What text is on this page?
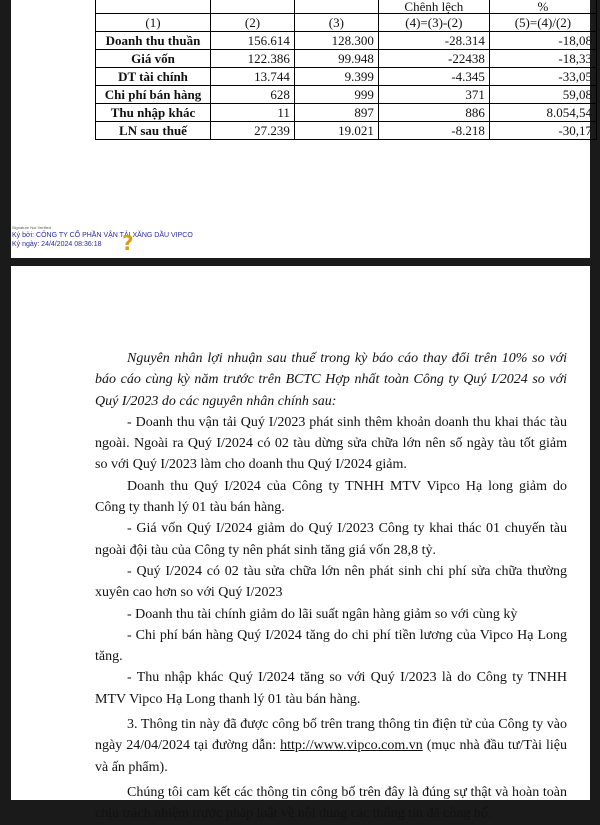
			Chênh lệch	%
(1)	(2)	(3)	(4)=(3)-(2)	(5)=(4)/(2)
Doanh thu thuần	156.614	128.300	-28.314	-18,08
Giá vốn	122.386	99.948	-22438	-18,33
DT tài chính	13.744	9.399	-4.345	-33,05
Chi phí bán hàng	628	999	371	59,08
Thu nhập khác	11	897	886	8.054,54
LN sau thuế	27.239	19.021	-8.218	-30,17
Signature Not Verified
Ký bởi: CÔNG TY CỔ PHẦN VẬN TẢI XĂNG DẦU VIPCO
Ký ngày: 24/4/2024 08:36:18	?

Nguyên nhân lợi nhuận sau thuế trong kỳ báo cáo thay đổi trên 10% so với báo cáo cùng kỳ năm trước trên BCTC Hợp nhất toàn Công ty Quý I/2024 so với Quý I/2023 do các nguyên nhân chính sau:

- Doanh thu vận tải Quý I/2023 phát sinh thêm khoản doanh thu khai thác tàu ngoài. Ngoài ra Quý I/2024 có 02 tàu dừng sửa chữa lớn nên số ngày tàu tốt giảm so với Quý I/2023 làm cho doanh thu Quý I/2024 giảm.

Doanh thu Quý I/2024 của Công ty TNHH MTV Vipco Hạ long giảm do Công ty thanh lý 01 tàu bán hàng.

- Giá vốn Quý I/2024 giảm do Quý I/2023 Công ty khai thác 01 chuyến tàu ngoài đội tàu của Công ty nên phát sinh tăng giá vốn 28,8 tỷ.

- Quý I/2024 có 02 tàu sửa chữa lớn nên phát sinh chi phí sửa chữa thường xuyên cao hơn so với Quý I/2023

- Doanh thu tài chính giảm do lãi suất ngân hàng giảm so với cùng kỳ

- Chi phí bán hàng Quý I/2024 tăng do chi phí tiền lương của Vipco Hạ Long tăng.

- Thu nhập khác Quý I/2024 tăng so với Quý I/2023 là do Công ty TNHH MTV Vipco Hạ Long thanh lý 01 tàu bán hàng.

3. Thông tin này đã được công bố trên trang thông tin điện tử của Công ty vào ngày 24/04/2024 tại đường dẫn: http://www.vipco.com.vn (mục nhà đầu tư/Tài liệu và ấn phẩm).

Chúng tôi cam kết các thông tin công bố trên đây là đúng sự thật và hoàn toàn chịu trách nhiệm trước pháp luật về nội dung các thông tin đã công bố.
